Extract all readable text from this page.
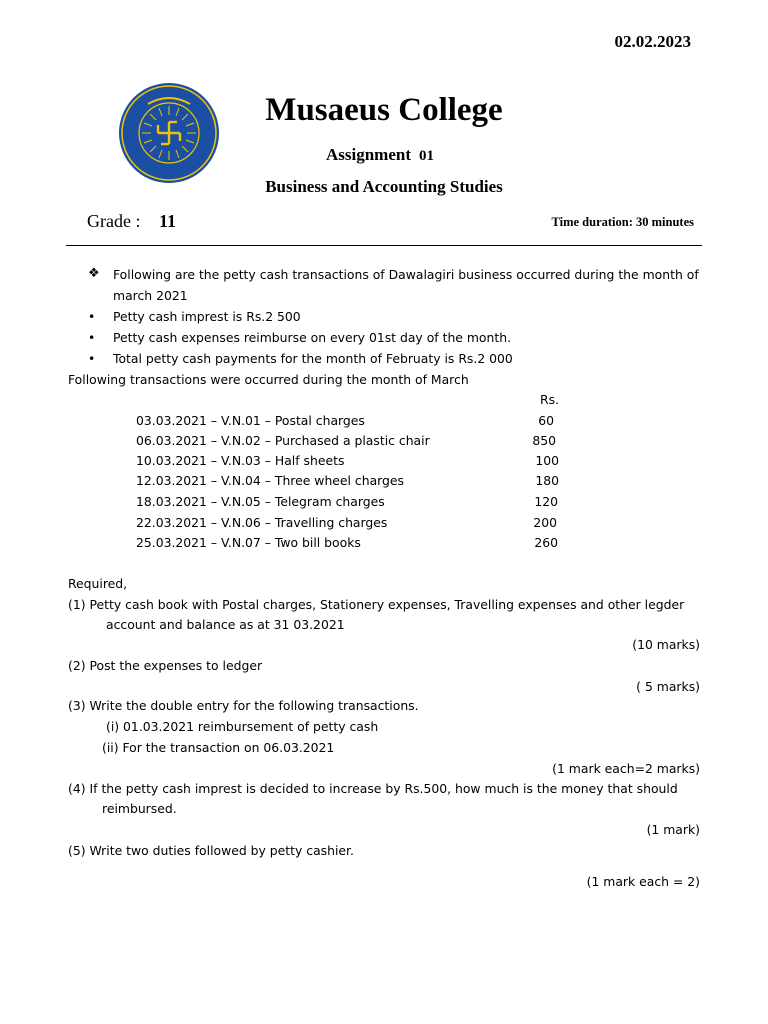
02.02.2023
Musaeus College
Assignment 01
Business and Accounting Studies
Grade : 11	Time duration: 30 minutes
❖ Following are the petty cash transactions of Dawalagiri business occurred during the month of march 2021
• Petty cash imprest is Rs.2 500
• Petty cash expenses reimburse on every 01st day of the month.
• Total petty cash payments for the month of Februaty is Rs.2 000
Following transactions were occurred during the month of March
Rs.
03.03.2021 – V.N.01 – Postal charges	60
06.03.2021 – V.N.02 – Purchased a plastic chair	850
10.03.2021 – V.N.03 – Half sheets	100
12.03.2021 – V.N.04 – Three wheel charges	180
18.03.2021 – V.N.05 – Telegram charges	120
22.03.2021 – V.N.06 – Travelling charges	200
25.03.2021 – V.N.07 – Two bill books	260
Required,
(1) Petty cash book with Postal charges, Stationery expenses, Travelling expenses and other legder
account and balance as at 31 03.2021
(10 marks)
(2) Post the expenses to ledger
( 5 marks)
(3) Write the double entry for the following transactions.
(i) 01.03.2021 reimbursement of petty cash
(ii) For the transaction on 06.03.2021
(1 mark each=2 marks)
(4) If the petty cash imprest is decided to increase by Rs.500, how much is the money that should
reimbursed.
(1 mark)
(5) Write two duties followed by petty cashier.
(1 mark each = 2)
